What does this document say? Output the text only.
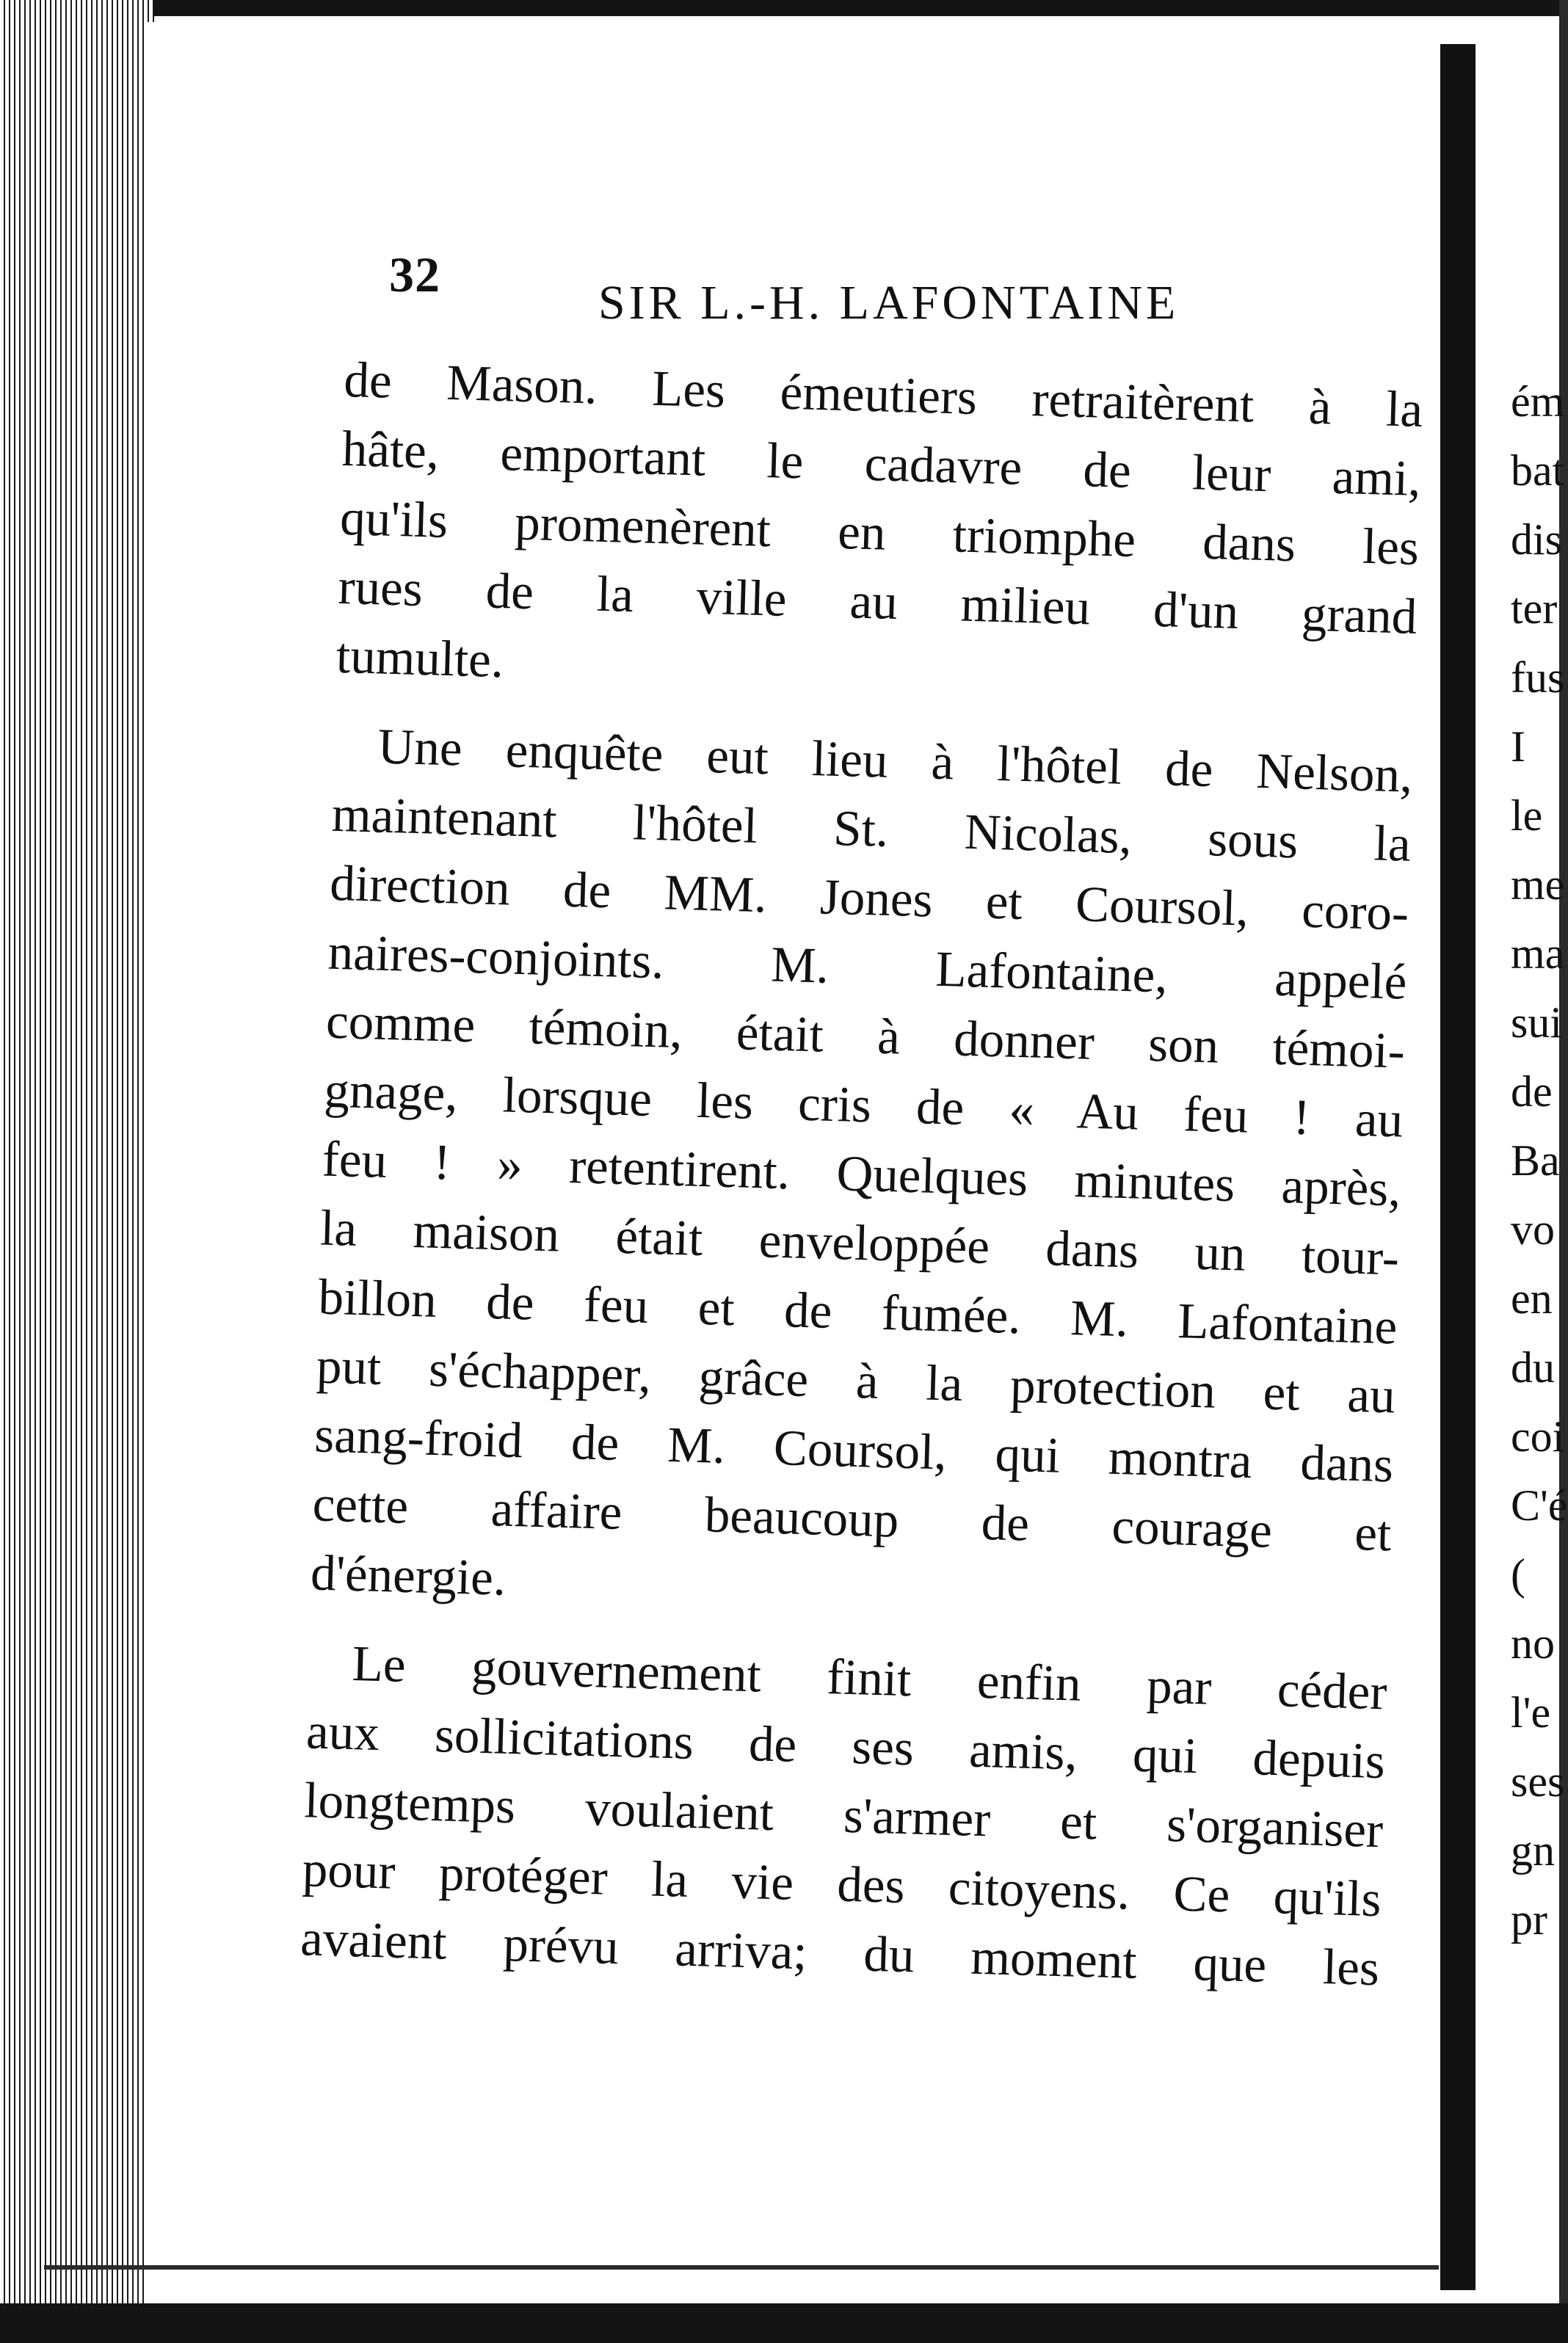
32
SIR L.-H. LAFONTAINE
de Mason. Les émeutiers retraitèrent à la
hâte, emportant le cadavre de leur ami,
qu'ils promenèrent en triomphe dans les
rues de la ville au milieu d'un grand
tumulte.
Une enquête eut lieu à l'hôtel de Nelson,
maintenant l'hôtel St. Nicolas, sous la
direction de MM. Jones et Coursol, coro-
naires-conjoints. M. Lafontaine, appelé
comme témoin, était à donner son témoi-
gnage, lorsque les cris de « Au feu ! au
feu ! » retentirent. Quelques minutes après,
la maison était enveloppée dans un tour-
billon de feu et de fumée. M. Lafontaine
put s'échapper, grâce à la protection et au
sang-froid de M. Coursol, qui montra dans
cette affaire beaucoup de courage et
d'énergie.
Le gouvernement finit enfin par céder
aux sollicitations de ses amis, qui depuis
longtemps voulaient s'armer et s'organiser
pour protéger la vie des citoyens. Ce qu'ils
avaient prévu arriva; du moment que les
ém
bat
dis
ter
fus
I
le
me
ma
sui
de
Ba
vo
en
du
coi
C'é
(
no
l'e
ses
gn
pr
